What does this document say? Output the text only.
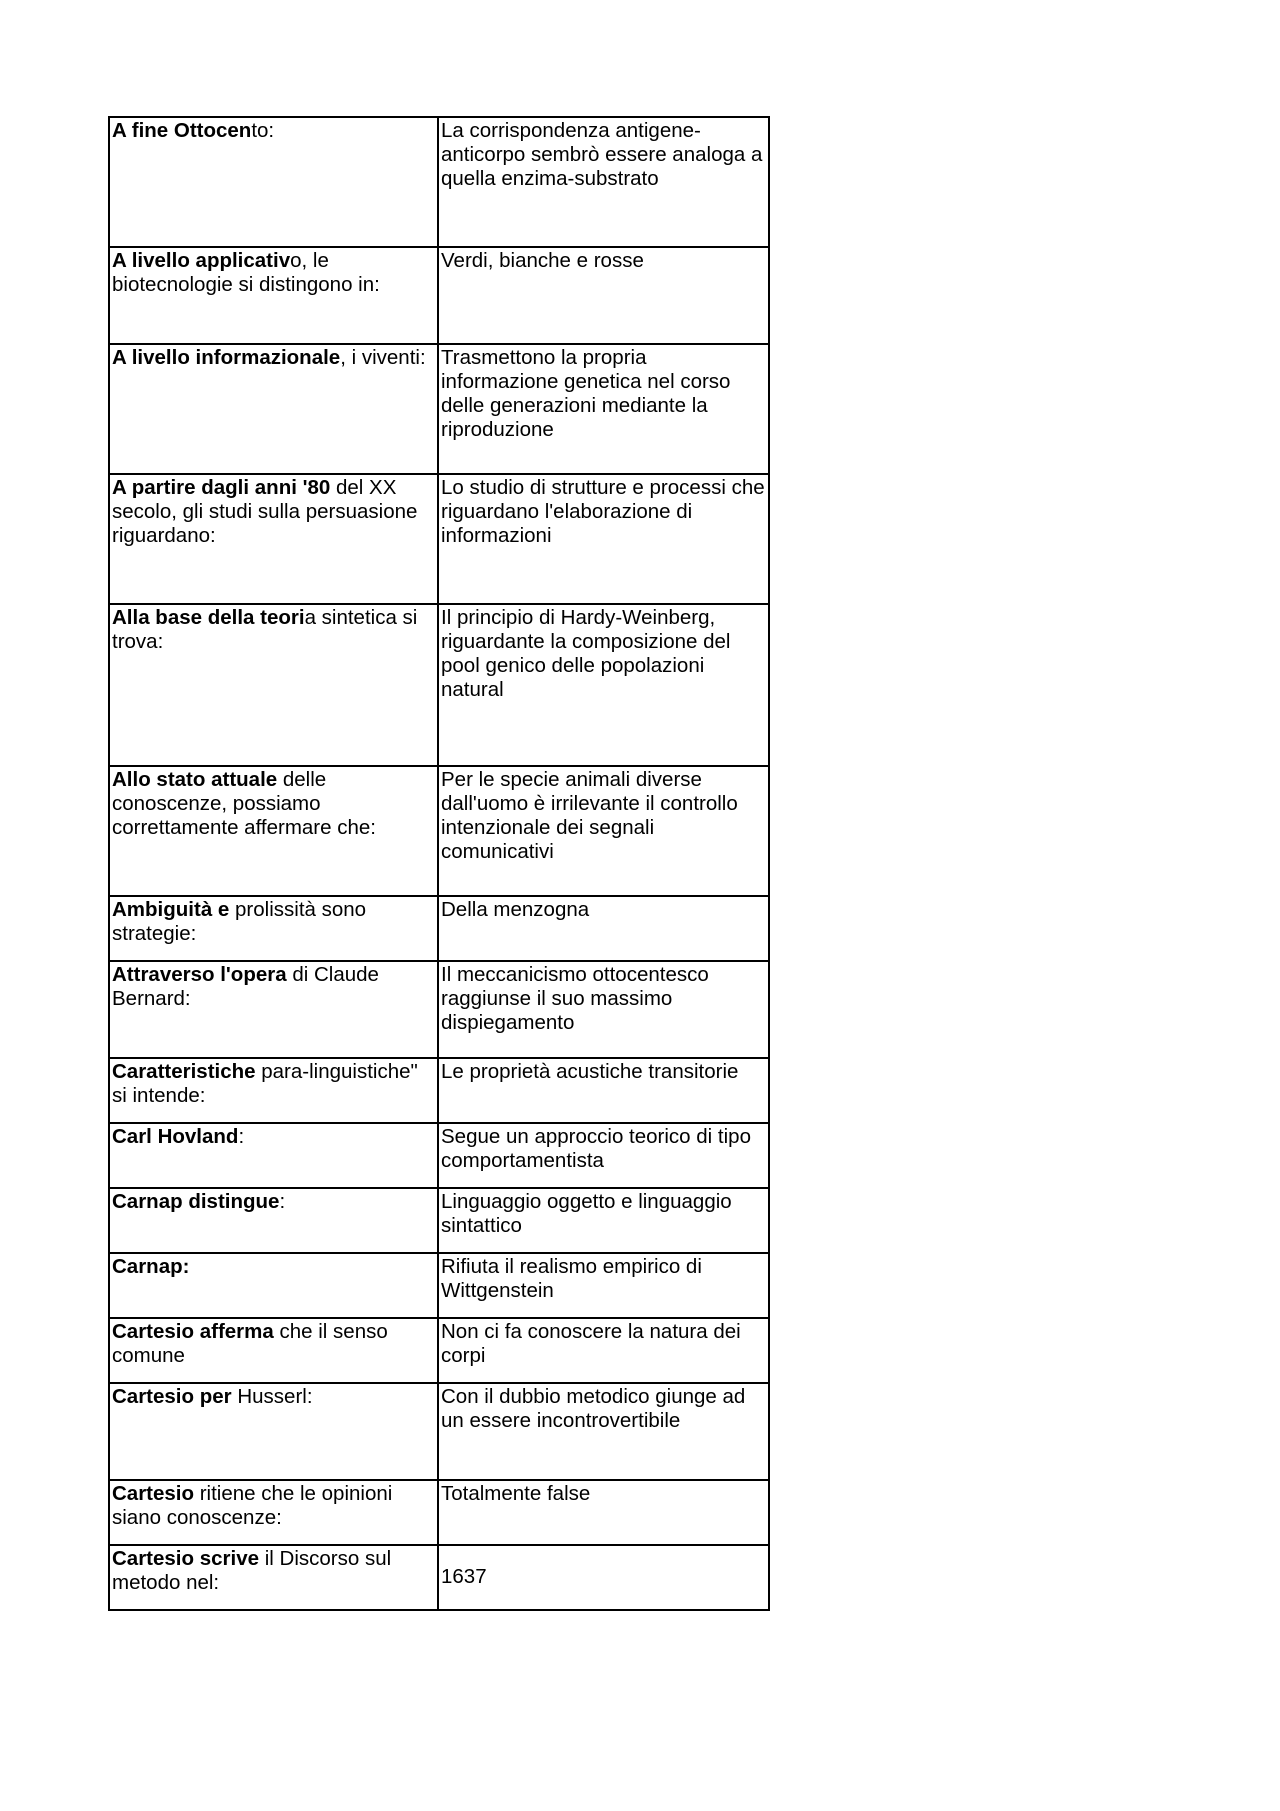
A fine Ottocento:	La corrispondenza antigene-anticorpo sembrò essere analoga a quella enzima-substrato
A livello applicativo, le biotecnologie si distingono in:	Verdi, bianche e rosse
A livello informazionale, i viventi:	Trasmettono la propria informazione genetica nel corso delle generazioni mediante la riproduzione
A partire dagli anni '80 del XX secolo, gli studi sulla persuasione riguardano:	Lo studio di strutture e processi che riguardano l'elaborazione di informazioni
Alla base della teoria sintetica si trova:	Il principio di Hardy-Weinberg, riguardante la composizione del pool genico delle popolazioni natural
Allo stato attuale delle conoscenze, possiamo correttamente affermare che:	Per le specie animali diverse dall'uomo è irrilevante il controllo intenzionale dei segnali comunicativi
Ambiguità e prolissità sono strategie:	Della menzogna
Attraverso l'opera di Claude Bernard:	Il meccanicismo ottocentesco raggiunse il suo massimo dispiegamento
Caratteristiche para-linguistiche" si intende:	Le proprietà acustiche transitorie
Carl Hovland:	Segue un approccio teorico di tipo comportamentista
Carnap distingue:	Linguaggio oggetto e linguaggio sintattico
Carnap:	Rifiuta il realismo empirico di Wittgenstein
Cartesio afferma che il senso comune	Non ci fa conoscere la natura dei corpi
Cartesio per Husserl:	Con il dubbio metodico giunge ad un essere incontrovertibile
Cartesio ritiene che le opinioni siano conoscenze:	Totalmente false
Cartesio scrive il Discorso sul metodo nel:	1637
